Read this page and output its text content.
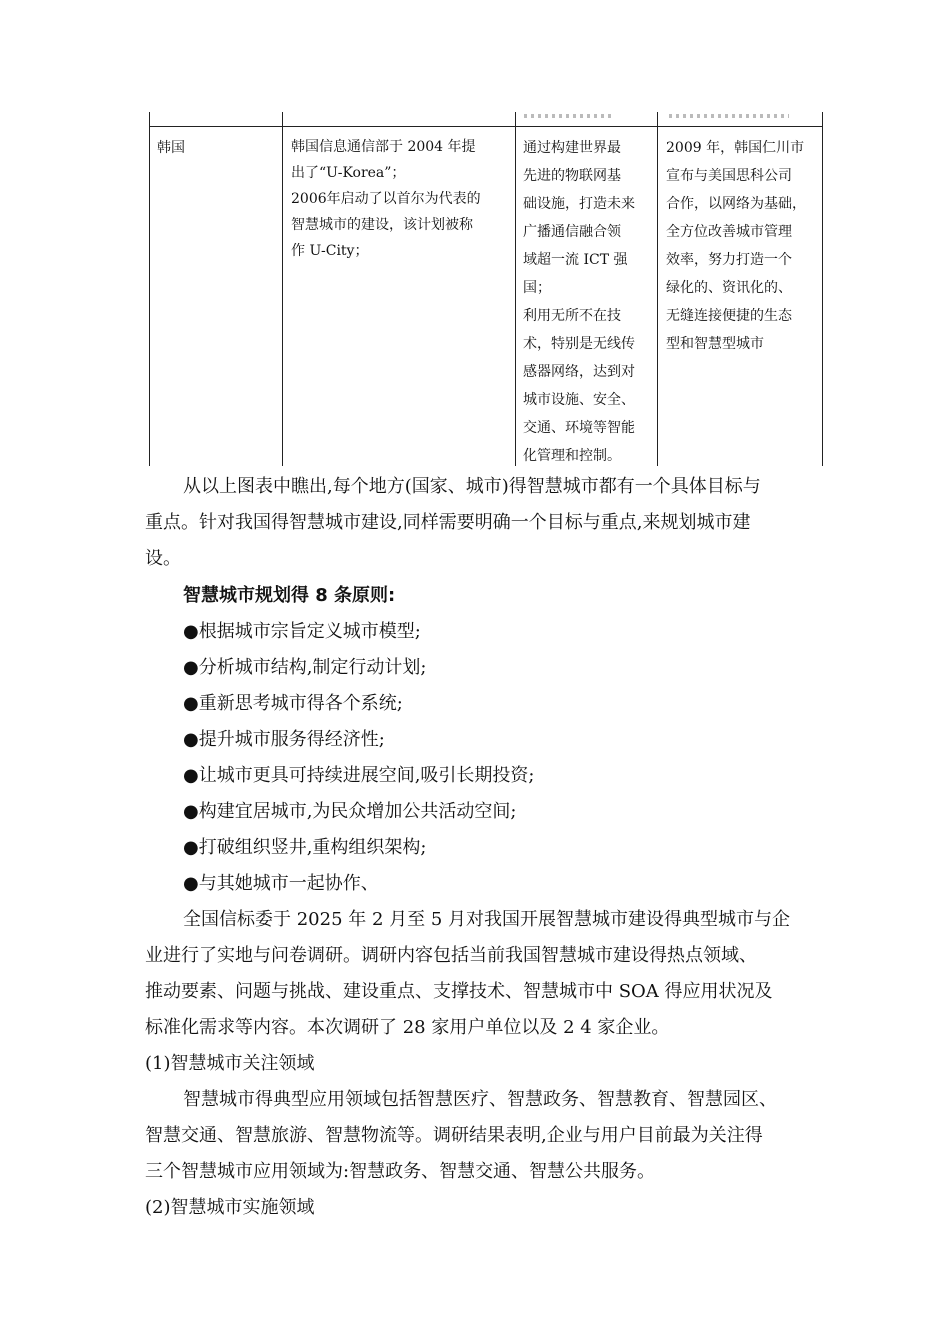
韩国	韩国信息通信部于 2004 年提
出了“U-Korea”；
2006年启动了以首尔为代表的
智慧城市的建设，该计划被称
作 U-City；
通过构建世界最
先进的物联网基
础设施，打造未来
广播通信融合领
域超一流 ICT 强
国；
利用无所不在技
术，特别是无线传
感器网络，达到对
城市设施、安全、
交通、环境等智能
化管理和控制。
2009 年，韩国仁川市
宣布与美国思科公司
合作，以网络为基础，
全方位改善城市管理
效率，努力打造一个
绿化的、资讯化的、
无缝连接便捷的生态
型和智慧型城市
从以上图表中瞧出,每个地方(国家、城市)得智慧城市都有一个具体目标与
重点。针对我国得智慧城市建设,同样需要明确一个目标与重点,来规划城市建
设。
智慧城市规划得 8 条原则:
●根据城市宗旨定义城市模型;
●分析城市结构,制定行动计划;
●重新思考城市得各个系统;
●提升城市服务得经济性;
●让城市更具可持续进展空间,吸引长期投资;
●构建宜居城市,为民众增加公共活动空间;
●打破组织竖井,重构组织架构;
●与其她城市一起协作、
全国信标委于 2025 年 2 月至 5 月对我国开展智慧城市建设得典型城市与企
业进行了实地与问卷调研。调研内容包括当前我国智慧城市建设得热点领域、
推动要素、问题与挑战、建设重点、支撑技术、智慧城市中 SOA 得应用状况及
标准化需求等内容。本次调研了 28 家用户单位以及 2 4 家企业。
(1)智慧城市关注领域
智慧城市得典型应用领域包括智慧医疗、智慧政务、智慧教育、智慧园区、
智慧交通、智慧旅游、智慧物流等。调研结果表明,企业与用户目前最为关注得
三个智慧城市应用领域为:智慧政务、智慧交通、智慧公共服务。
(2)智慧城市实施领域
